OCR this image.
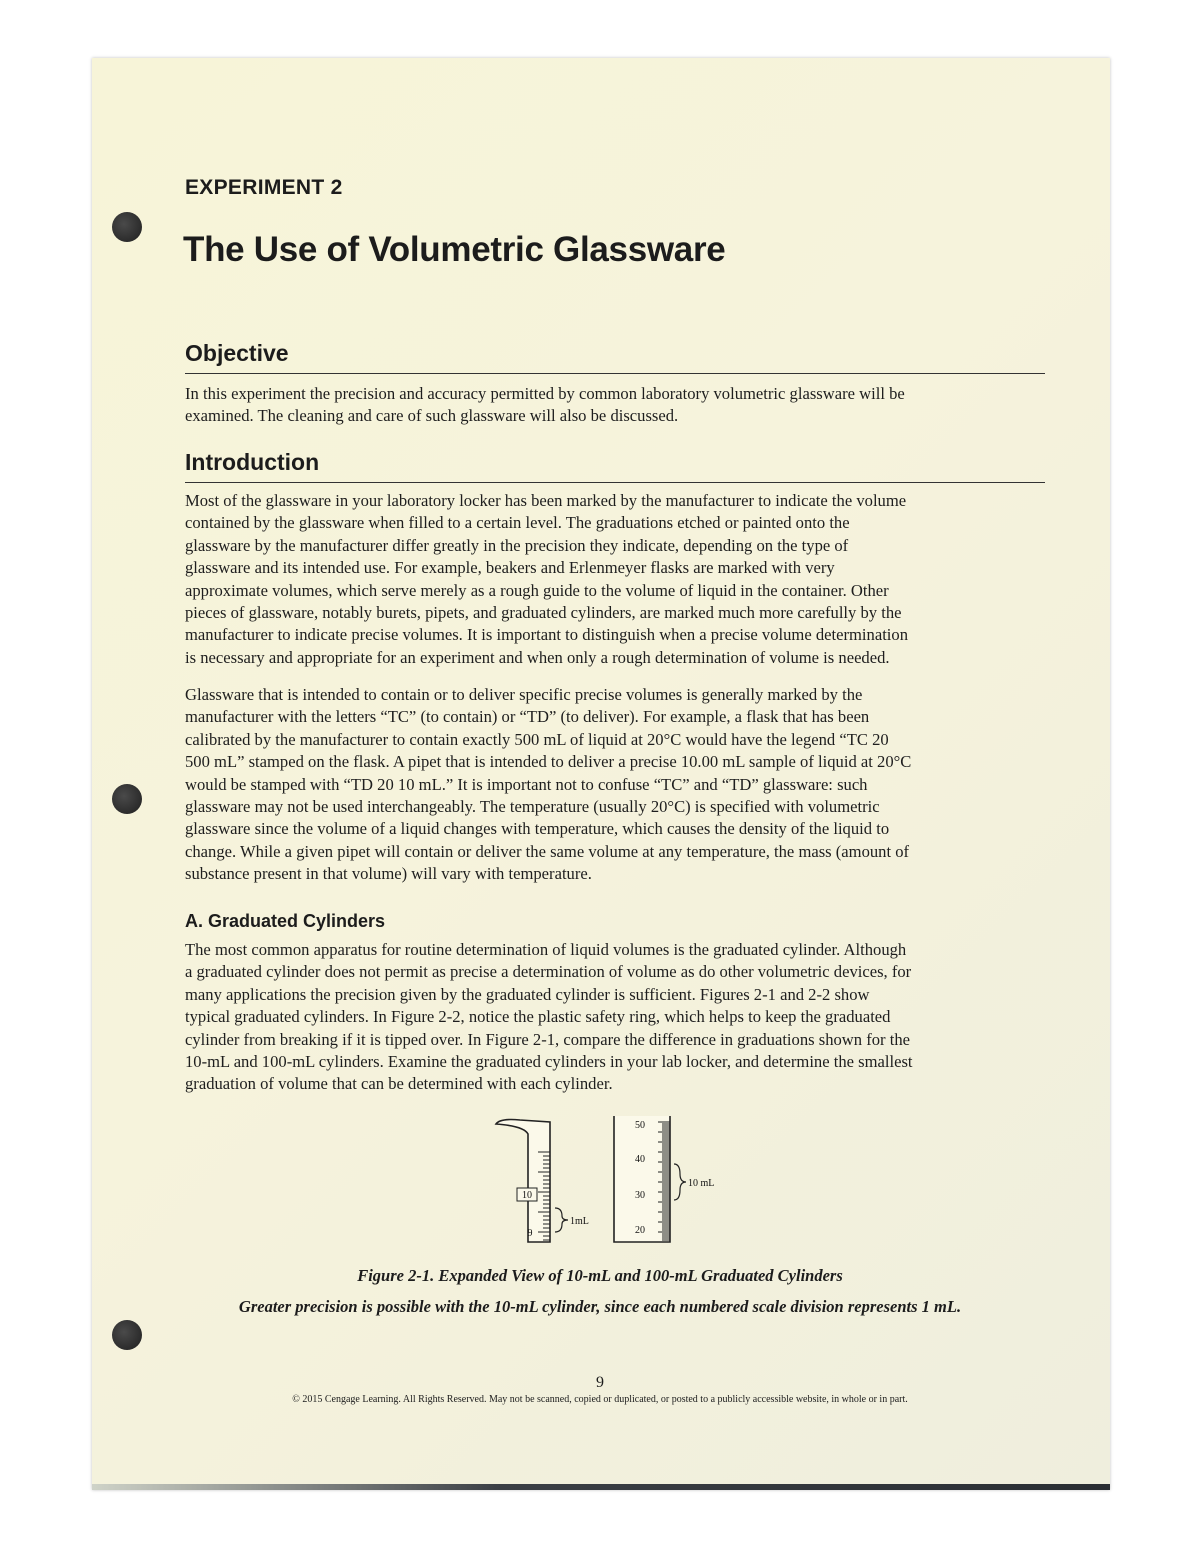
EXPERIMENT 2
The Use of Volumetric Glassware
Objective
In this experiment the precision and accuracy permitted by common laboratory volumetric glassware will be
examined. The cleaning and care of such glassware will also be discussed.
Introduction
Most of the glassware in your laboratory locker has been marked by the manufacturer to indicate the volume
contained by the glassware when filled to a certain level. The graduations etched or painted onto the
glassware by the manufacturer differ greatly in the precision they indicate, depending on the type of
glassware and its intended use. For example, beakers and Erlenmeyer flasks are marked with very
approximate volumes, which serve merely as a rough guide to the volume of liquid in the container. Other
pieces of glassware, notably burets, pipets, and graduated cylinders, are marked much more carefully by the
manufacturer to indicate precise volumes. It is important to distinguish when a precise volume determination
is necessary and appropriate for an experiment and when only a rough determination of volume is needed.
Glassware that is intended to contain or to deliver specific precise volumes is generally marked by the
manufacturer with the letters “TC” (to contain) or “TD” (to deliver). For example, a flask that has been
calibrated by the manufacturer to contain exactly 500 mL of liquid at 20°C would have the legend “TC 20
500 mL” stamped on the flask. A pipet that is intended to deliver a precise 10.00 mL sample of liquid at 20°C
would be stamped with “TD 20 10 mL.” It is important not to confuse “TC” and “TD” glassware: such
glassware may not be used interchangeably. The temperature (usually 20°C) is specified with volumetric
glassware since the volume of a liquid changes with temperature, which causes the density of the liquid to
change. While a given pipet will contain or deliver the same volume at any temperature, the mass (amount of
substance present in that volume) will vary with temperature.
A. Graduated Cylinders
The most common apparatus for routine determination of liquid volumes is the graduated cylinder. Although
a graduated cylinder does not permit as precise a determination of volume as do other volumetric devices, for
many applications the precision given by the graduated cylinder is sufficient. Figures 2-1 and 2-2 show
typical graduated cylinders. In Figure 2-2, notice the plastic safety ring, which helps to keep the graduated
cylinder from breaking if it is tipped over. In Figure 2-1, compare the difference in graduations shown for the
10-mL and 100-mL cylinders. Examine the graduated cylinders in your lab locker, and determine the smallest
graduation of volume that can be determined with each cylinder.
10
9
1mL
50
40
30
20
10 mL
Figure 2-1. Expanded View of 10-mL and 100-mL Graduated Cylinders
Greater precision is possible with the 10-mL cylinder, since each numbered scale division represents 1 mL.
9
© 2015 Cengage Learning. All Rights Reserved. May not be scanned, copied or duplicated, or posted to a publicly accessible website, in whole or in part.
